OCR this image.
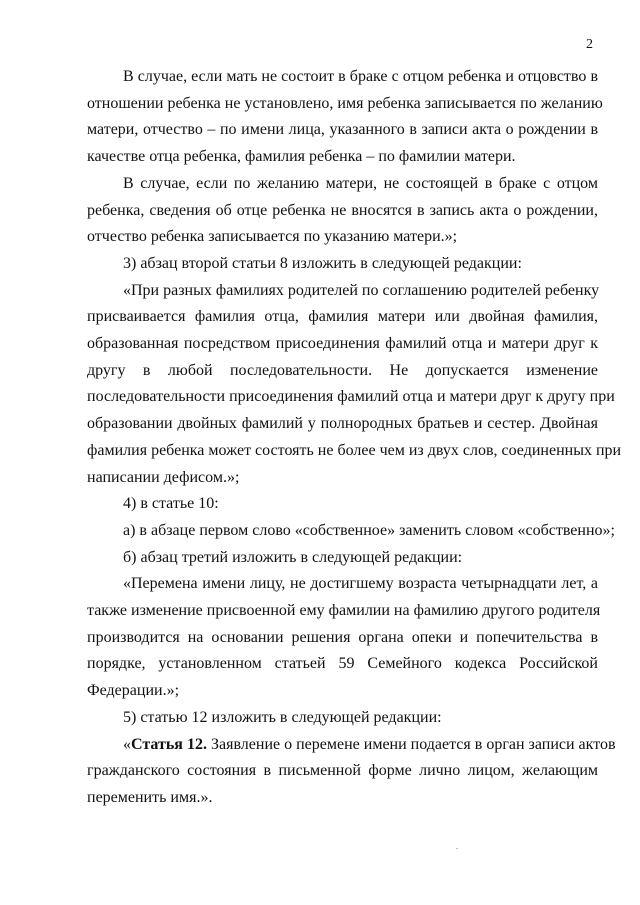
2
В случае, если мать не состоит в браке с отцом ребенка и отцовство в
отношении ребенка не установлено, имя ребенка записывается по желанию
матери, отчество – по имени лица, указанного в записи акта о рождении в
качестве отца ребенка, фамилия ребенка – по фамилии матери.
В случае, если по желанию матери, не состоящей в браке с отцом
ребенка, сведения об отце ребенка не вносятся в запись акта о рождении,
отчество ребенка записывается по указанию матери.»;
3) абзац второй статьи 8 изложить в следующей редакции:
«При разных фамилиях родителей по соглашению родителей ребенку
присваивается фамилия отца, фамилия матери или двойная фамилия,
образованная посредством присоединения фамилий отца и матери друг к
другу в любой последовательности. Не допускается изменение
последовательности присоединения фамилий отца и матери друг к другу при
образовании двойных фамилий у полнородных братьев и сестер. Двойная
фамилия ребенка может состоять не более чем из двух слов, соединенных при
написании дефисом.»;
4) в статье 10:
а) в абзаце первом слово «собственное» заменить словом «собственно»;
б) абзац третий изложить в следующей редакции:
«Перемена имени лицу, не достигшему возраста четырнадцати лет, а
также изменение присвоенной ему фамилии на фамилию другого родителя
производится на основании решения органа опеки и попечительства в
порядке, установленном статьей 59 Семейного кодекса Российской
Федерации.»;
5) статью 12 изложить в следующей редакции:
«Статья 12. Заявление о перемене имени подается в орган записи актов
гражданского состояния в письменной форме лично лицом, желающим
переменить имя.».
